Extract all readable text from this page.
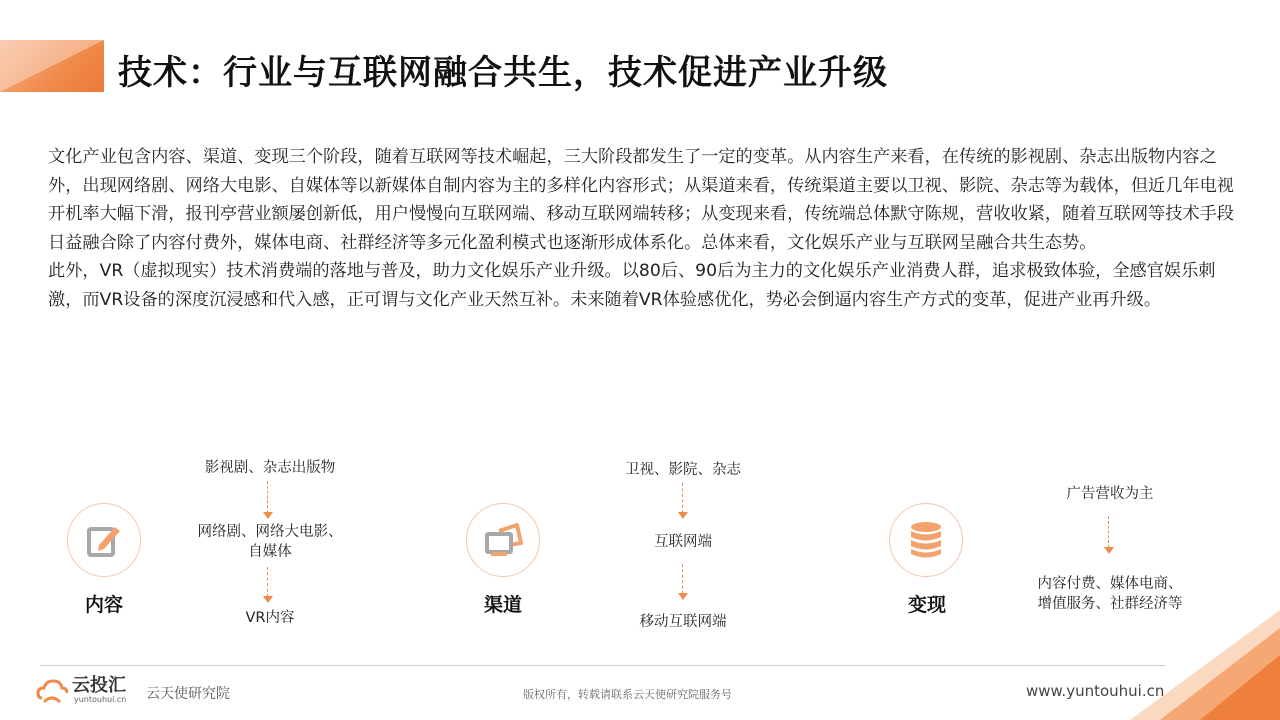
技术：行业与互联网融合共生，技术促进产业升级

文化产业包含内容、渠道、变现三个阶段，随着互联网等技术崛起，三大阶段都发生了一定的变革。从内容生产来看，在传统的影视剧、杂志出版物内容之外，出现网络剧、网络大电影、自媒体等以新媒体自制内容为主的多样化内容形式；从渠道来看，传统渠道主要以卫视、影院、杂志等为载体，但近几年电视开机率大幅下滑，报刊亭营业额屡创新低，用户慢慢向互联网端、移动互联网端转移；从变现来看，传统端总体默守陈规，营收收紧，随着互联网等技术手段日益融合除了内容付费外，媒体电商、社群经济等多元化盈利模式也逐渐形成体系化。总体来看，文化娱乐产业与互联网呈融合共生态势。

此外，VR（虚拟现实）技术消费端的落地与普及，助力文化娱乐产业升级。以80后、90后为主力的文化娱乐产业消费人群，追求极致体验，全感官娱乐刺激，而VR设备的深度沉浸感和代入感，正可谓与文化产业天然互补。未来随着VR体验感优化，势必会倒逼内容生产方式的变革，促进产业再升级。

内容
影视剧、杂志出版物
网络剧、网络大电影、
自媒体
VR内容
渠道
卫视、影院、杂志
互联网端
移动互联网端
变现
广告营收为主
内容付费、媒体电商、
增值服务、社群经济等
云投汇
yuntouhui.cn 云天使研究院	版权所有，转载请联系云天使研究院服务号	www.yuntouhui.cn
